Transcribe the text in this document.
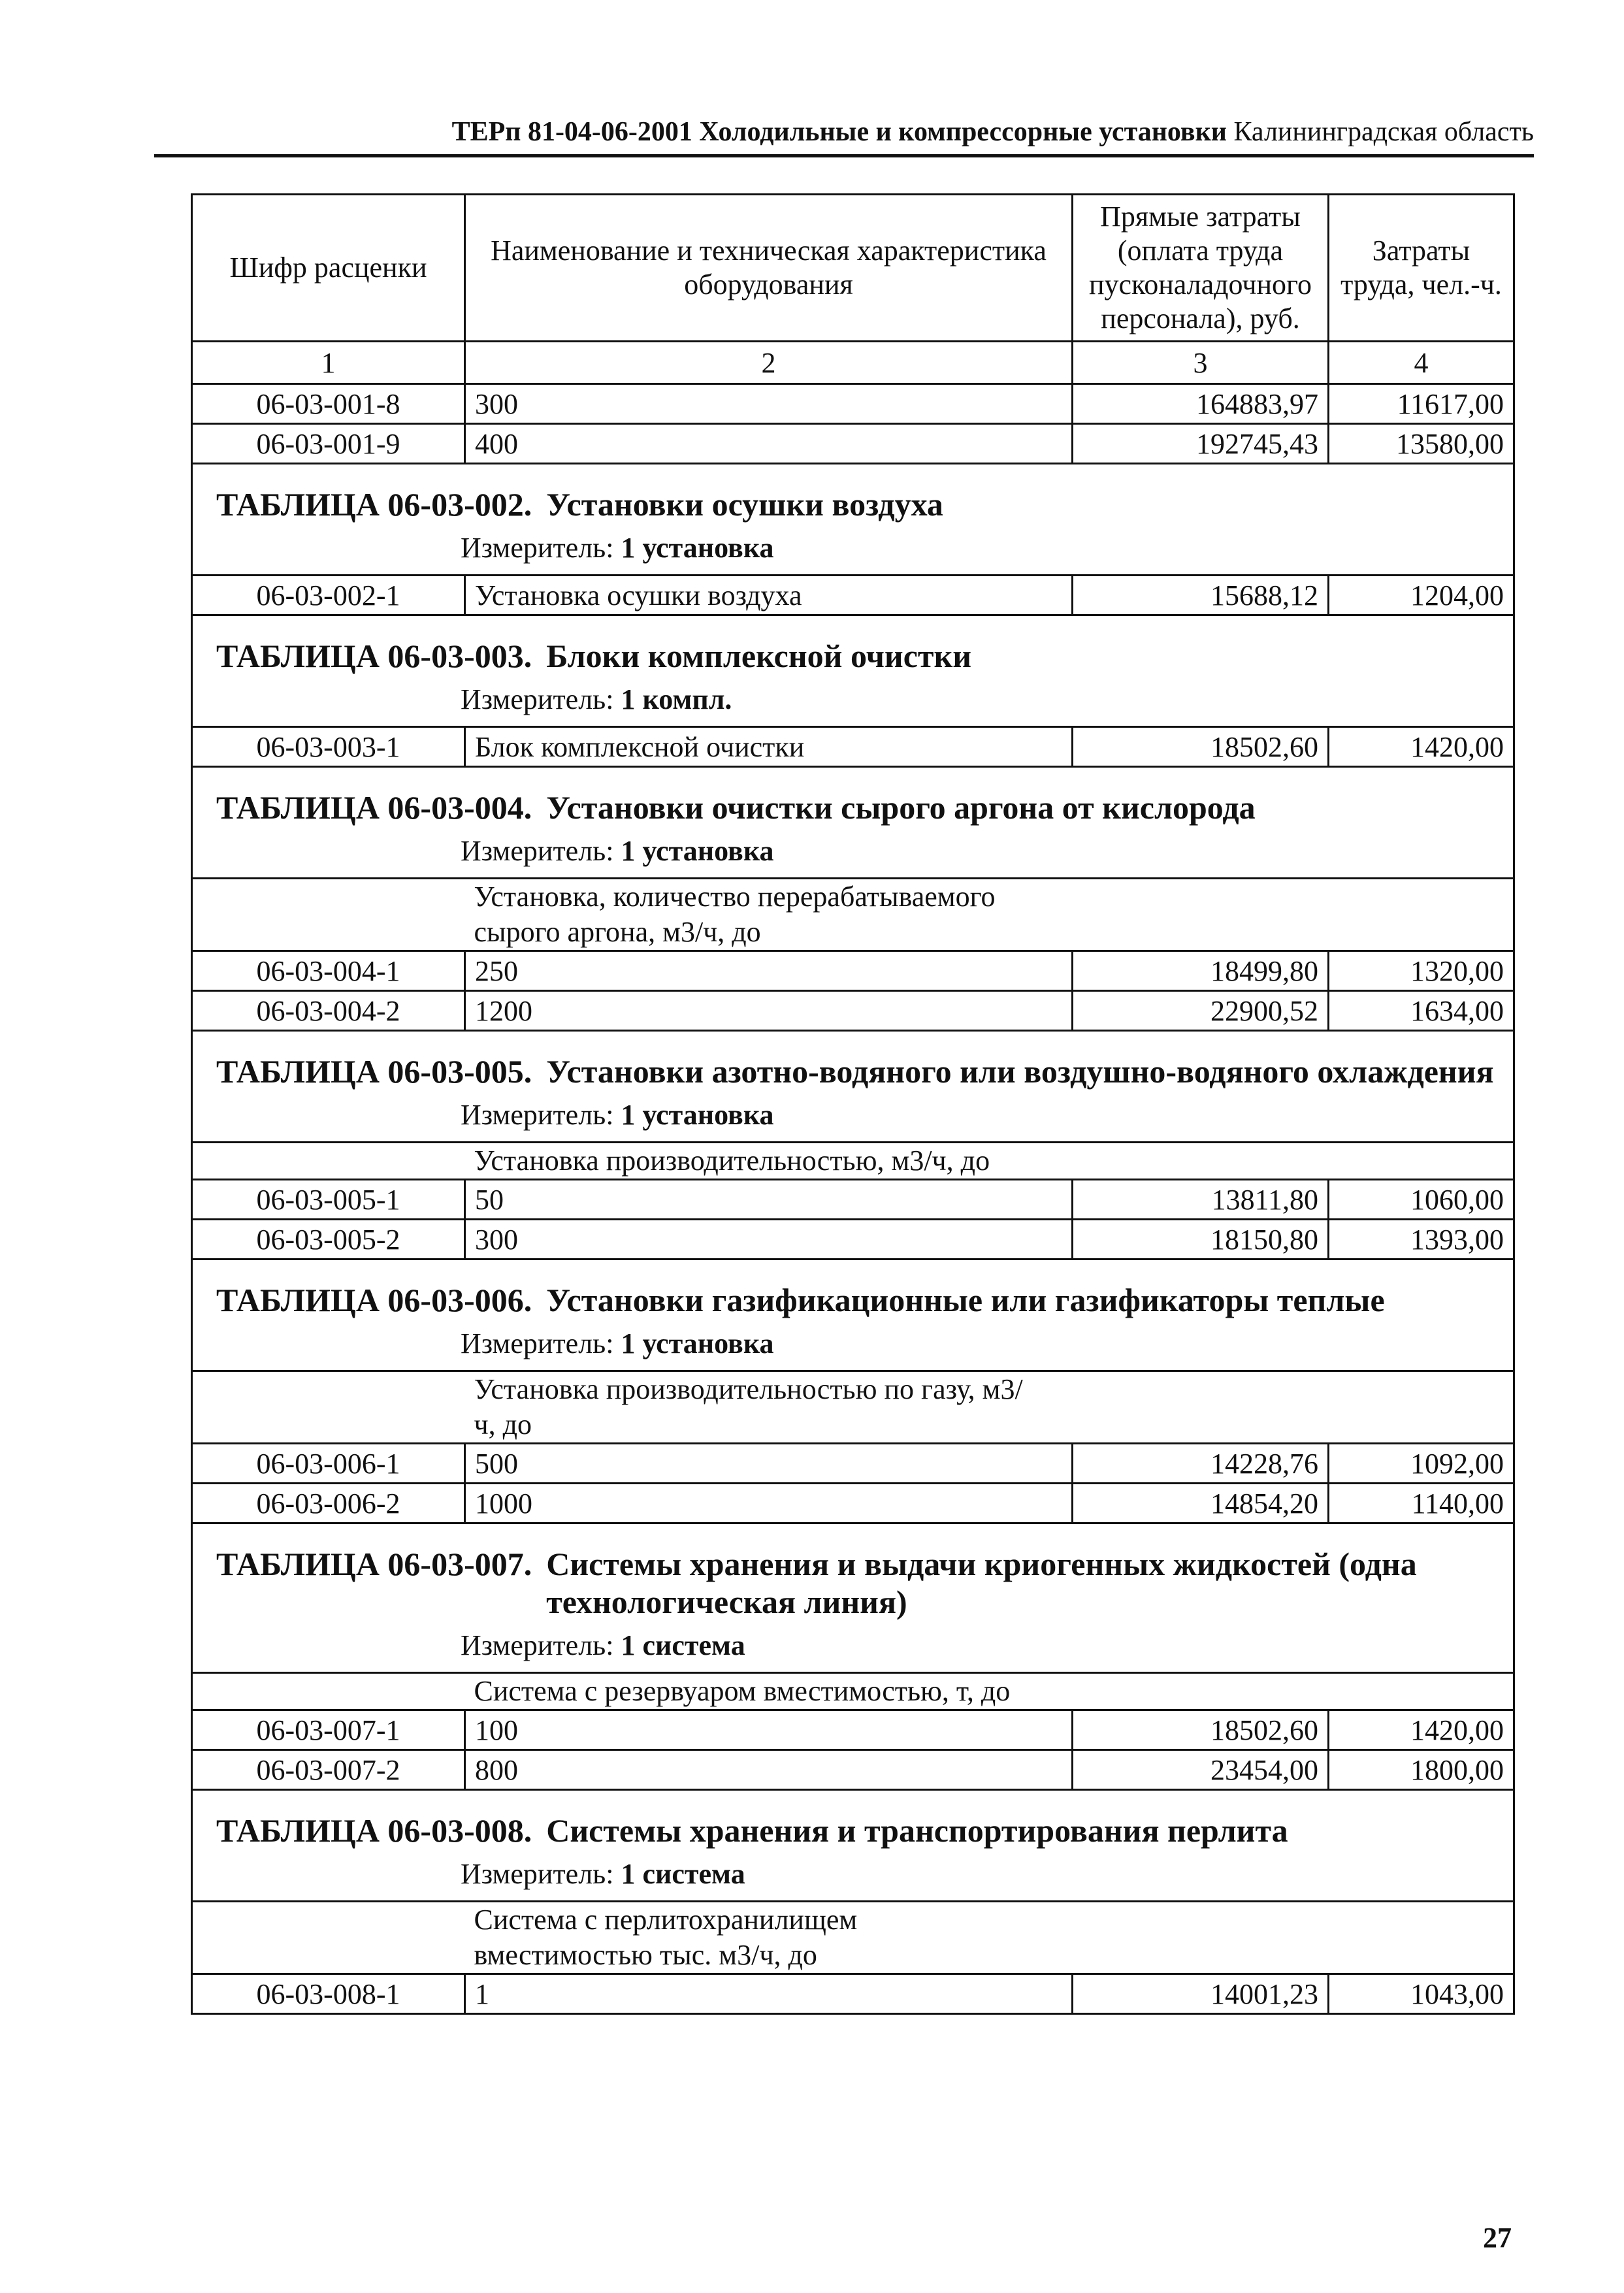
ТЕРп 81-04-06-2001 Холодильные и компрессорные установки Калининградская область
Шифр расценки	Наименование и техническая характеристика оборудования	Прямые затраты (оплата труда пусконаладочного персонала), руб.	Затраты труда, чел.-ч.
1	2	3	4
06-03-001-8	300	164883,97	11617,00
06-03-001-9	400	192745,43	13580,00

ТАБЛИЦА 06-03-002. Установки осушки воздуха
Измеритель: 1 установка			

06-03-002-1	Установка осушки воздуха	15688,12	1204,00

ТАБЛИЦА 06-03-003. Блоки комплексной очистки
Измеритель: 1 компл.			

06-03-003-1	Блок комплексной очистки	18502,60	1420,00

ТАБЛИЦА 06-03-004. Установки очистки сырого аргона от кислорода
Измеритель: 1 установка			

	Установка, количество перерабатываемого сырого аргона, м3/ч, до		

06-03-004-1	250	18499,80	1320,00
06-03-004-2	1200	22900,52	1634,00

ТАБЛИЦА 06-03-005. Установки азотно-водяного или воздушно-водяного охлаждения
Измеритель: 1 установка			

	Установка производительностью, м3/ч, до		

06-03-005-1	50	13811,80	1060,00
06-03-005-2	300	18150,80	1393,00

ТАБЛИЦА 06-03-006. Установки газификационные или газификаторы теплые
Измеритель: 1 установка			

	Установка производительностью по газу, м3/ч, до		

06-03-006-1	500	14228,76	1092,00
06-03-006-2	1000	14854,20	1140,00

ТАБЛИЦА 06-03-007. Системы хранения и выдачи криогенных жидкостей (одна технологическая линия)
Измеритель: 1 система			

	Система с резервуаром вместимостью, т, до		

06-03-007-1	100	18502,60	1420,00
06-03-007-2	800	23454,00	1800,00

ТАБЛИЦА 06-03-008. Системы хранения и транспортирования перлита
Измеритель: 1 система			

	Система с перлитохранилищем вместимостью тыс. м3/ч, до		

06-03-008-1	1	14001,23	1043,00
27
